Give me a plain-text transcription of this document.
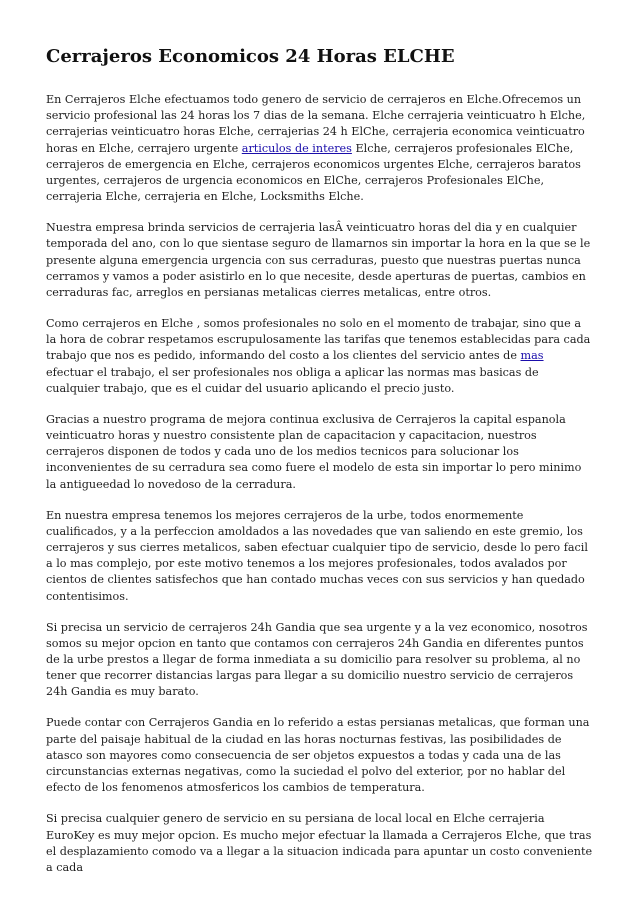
Cerrajeros Economicos 24 Horas ELCHE

En Cerrajeros Elche efectuamos todo genero de servicio de cerrajeros en Elche.Ofrecemos un servicio profesional las 24 horas los 7 dias de la semana. Elche cerrajeria veinticuatro h Elche, cerrajerias veinticuatro horas Elche, cerrajerias 24 h ElChe, cerrajeria economica veinticuatro horas en Elche, cerrajero urgente articulos de interes Elche, cerrajeros profesionales ElChe, cerrajeros de emergencia en Elche, cerrajeros economicos urgentes Elche, cerrajeros baratos urgentes, cerrajeros de urgencia economicos en ElChe, cerrajeros Profesionales ElChe, cerrajeria Elche, cerrajeria en Elche, Locksmiths Elche.

Nuestra empresa brinda servicios de cerrajeria lasÂ veinticuatro horas del dia y en cualquier temporada del ano, con lo que sientase seguro de llamarnos sin importar la hora en la que se le presente alguna emergencia urgencia con sus cerraduras, puesto que nuestras puertas nunca cerramos y vamos a poder asistirlo en lo que necesite, desde aperturas de puertas, cambios en cerraduras fac, arreglos en persianas metalicas cierres metalicas, entre otros.

Como cerrajeros en Elche , somos profesionales no solo en el momento de trabajar, sino que a la hora de cobrar respetamos escrupulosamente las tarifas que tenemos establecidas para cada trabajo que nos es pedido, informando del costo a los clientes del servicio antes de mas efectuar el trabajo, el ser profesionales nos obliga a aplicar las normas mas basicas de cualquier trabajo, que es el cuidar del usuario aplicando el precio justo.

Gracias a nuestro programa de mejora continua exclusiva de Cerrajeros la capital espanola veinticuatro horas y nuestro consistente plan de capacitacion y capacitacion, nuestros cerrajeros disponen de todos y cada uno de los medios tecnicos para solucionar los inconvenientes de su cerradura sea como fuere el modelo de esta sin importar lo pero minimo la antigueedad lo novedoso de la cerradura.

En nuestra empresa tenemos los mejores cerrajeros de la urbe, todos enormemente cualificados, y a la perfeccion amoldados a las novedades que van saliendo en este gremio, los cerrajeros y sus cierres metalicos, saben efectuar cualquier tipo de servicio, desde lo pero facil a lo mas complejo, por este motivo tenemos a los mejores profesionales, todos avalados por cientos de clientes satisfechos que han contado muchas veces con sus servicios y han quedado contentisimos.

Si precisa un servicio de cerrajeros 24h Gandia que sea urgente y a la vez economico, nosotros somos su mejor opcion en tanto que contamos con cerrajeros 24h Gandia en diferentes puntos de la urbe prestos a llegar de forma inmediata a su domicilio para resolver su problema, al no tener que recorrer distancias largas para llegar a su domicilio nuestro servicio de cerrajeros 24h Gandia es muy barato.

Puede contar con Cerrajeros Gandia en lo referido a estas persianas metalicas, que forman una parte del paisaje habitual de la ciudad en las horas nocturnas festivas, las posibilidades de atasco son mayores como consecuencia de ser objetos expuestos a todas y cada una de las circunstancias externas negativas, como la suciedad el polvo del exterior, por no hablar del efecto de los fenomenos atmosfericos los cambios de temperatura.

Si precisa cualquier genero de servicio en su persiana de local local en Elche cerrajeria EuroKey es muy mejor opcion. Es mucho mejor efectuar la llamada a Cerrajeros Elche, que tras el desplazamiento comodo va a llegar a la situacion indicada para apuntar un costo conveniente a cada
